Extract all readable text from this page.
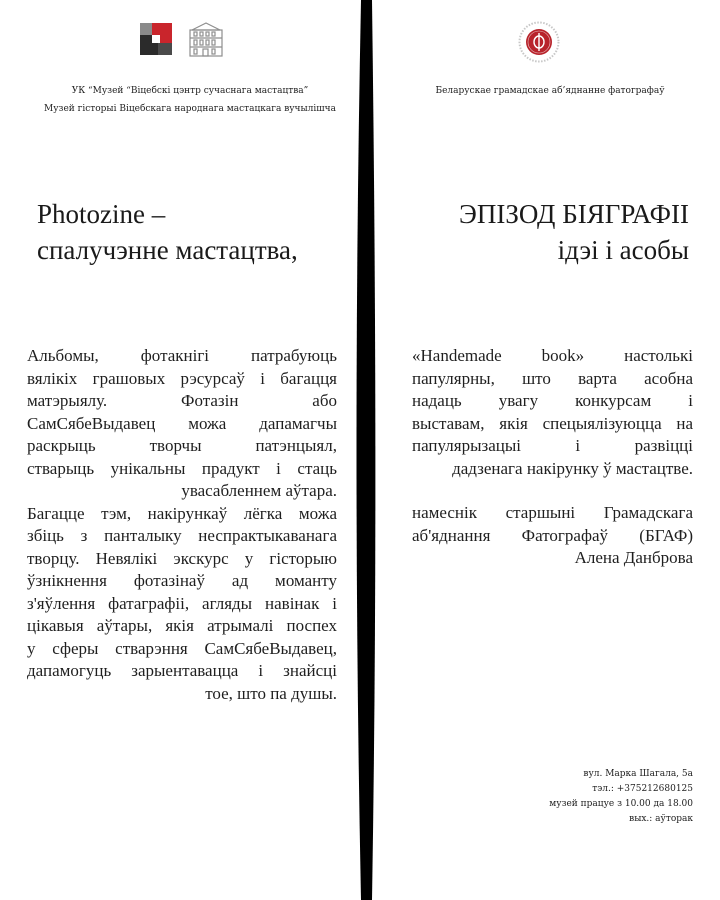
УК “Музей “Віцебскі цэнтр сучаснага мастацтва”
Музей гісторыі Віцебскага народнага мастацкага вучылішча
Беларускае грамадскае аб’яднанне фатографаў
Photozine –
спалучэнне мастацтва,
ЭПІЗОД БІЯГРАФІІ
ідэі і асобы
Альбомы, фотакнігі патрабуюць
вялікіх грашовых рэсурсаў і багацця
матэрыялу. Фотазін або
СамСябеВыдавец можа дапамагчы
раскрыць творчы патэнцыял,
стварыць унікальны прадукт і стаць
увасабленнем аўтара.
Багацце тэм, накірункаў лёгка можа
збіць з панталыку неспрактыкаванага
творцу. Невялікі экскурс у гісторыю
ўзнікнення фотазінаў ад моманту
з'яўлення фатаграфіі, агляды навінак і
цікавыя аўтары, якія атрымалі поспех
у сферы стварэння СамСябеВыдавец,
дапамогуць зарыентавацца і знайсці
тое, што па душы.
«Handemade book» настолькі
папулярны, што варта асобна
надаць увагу конкурсам і
выставам, якія спецыялізуюцца на
папулярызацыі і развіцці
дадзенага накірунку ў мастацтве.
намеснік старшыні Грамадскага
аб'яднання Фатографаў (БГАФ)
Алена Данброва
вул. Марка Шагала, 5а
тэл.: +375212680125
музей працуе з 10.00 да 18.00
вых.: аўторак
